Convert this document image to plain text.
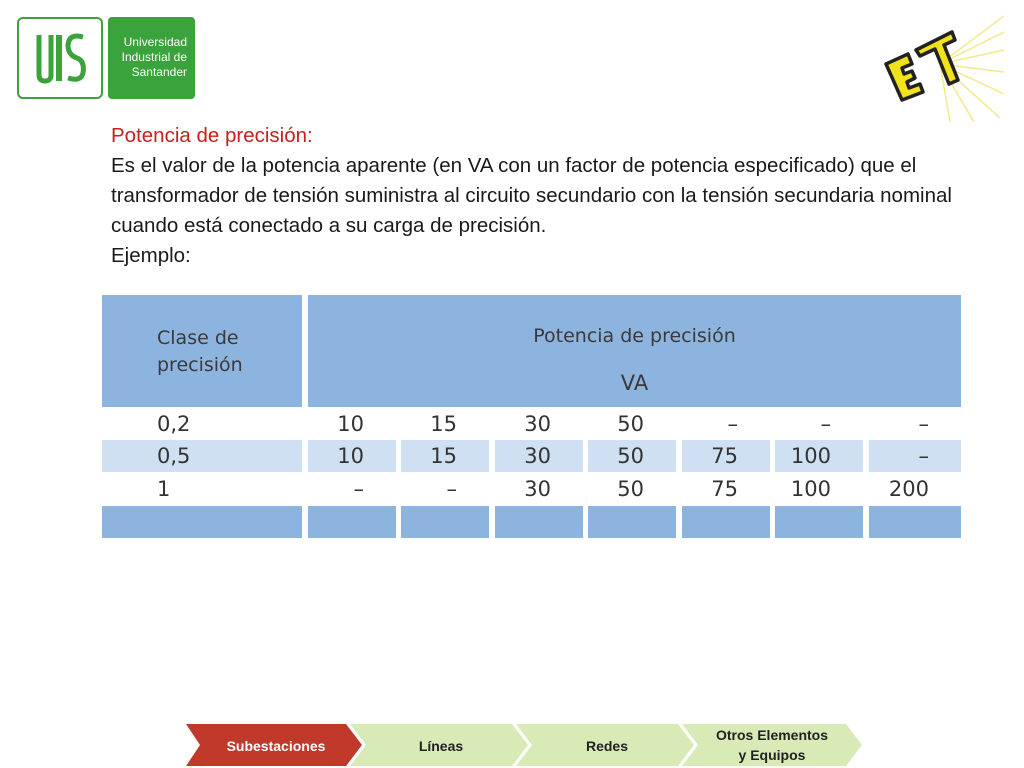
Universidad
Industrial de
Santander

Potencia de precisión:

Es el valor de la potencia aparente (en VA con un factor de potencia especificado) que el transformador de tensión suministra al circuito secundario con la tensión secundaria nominal cuando está conectado a su carga de precisión.

Ejemplo:

Clase de
precisión
Potencia de precisión
VA
0,2	10	15	30	50	–	–	–
0,5	10	15	30	50	75	100	–
1	–	–	30	50	75	100	200
Subestaciones	Líneas	Redes
Otros Elementos
y Equipos
